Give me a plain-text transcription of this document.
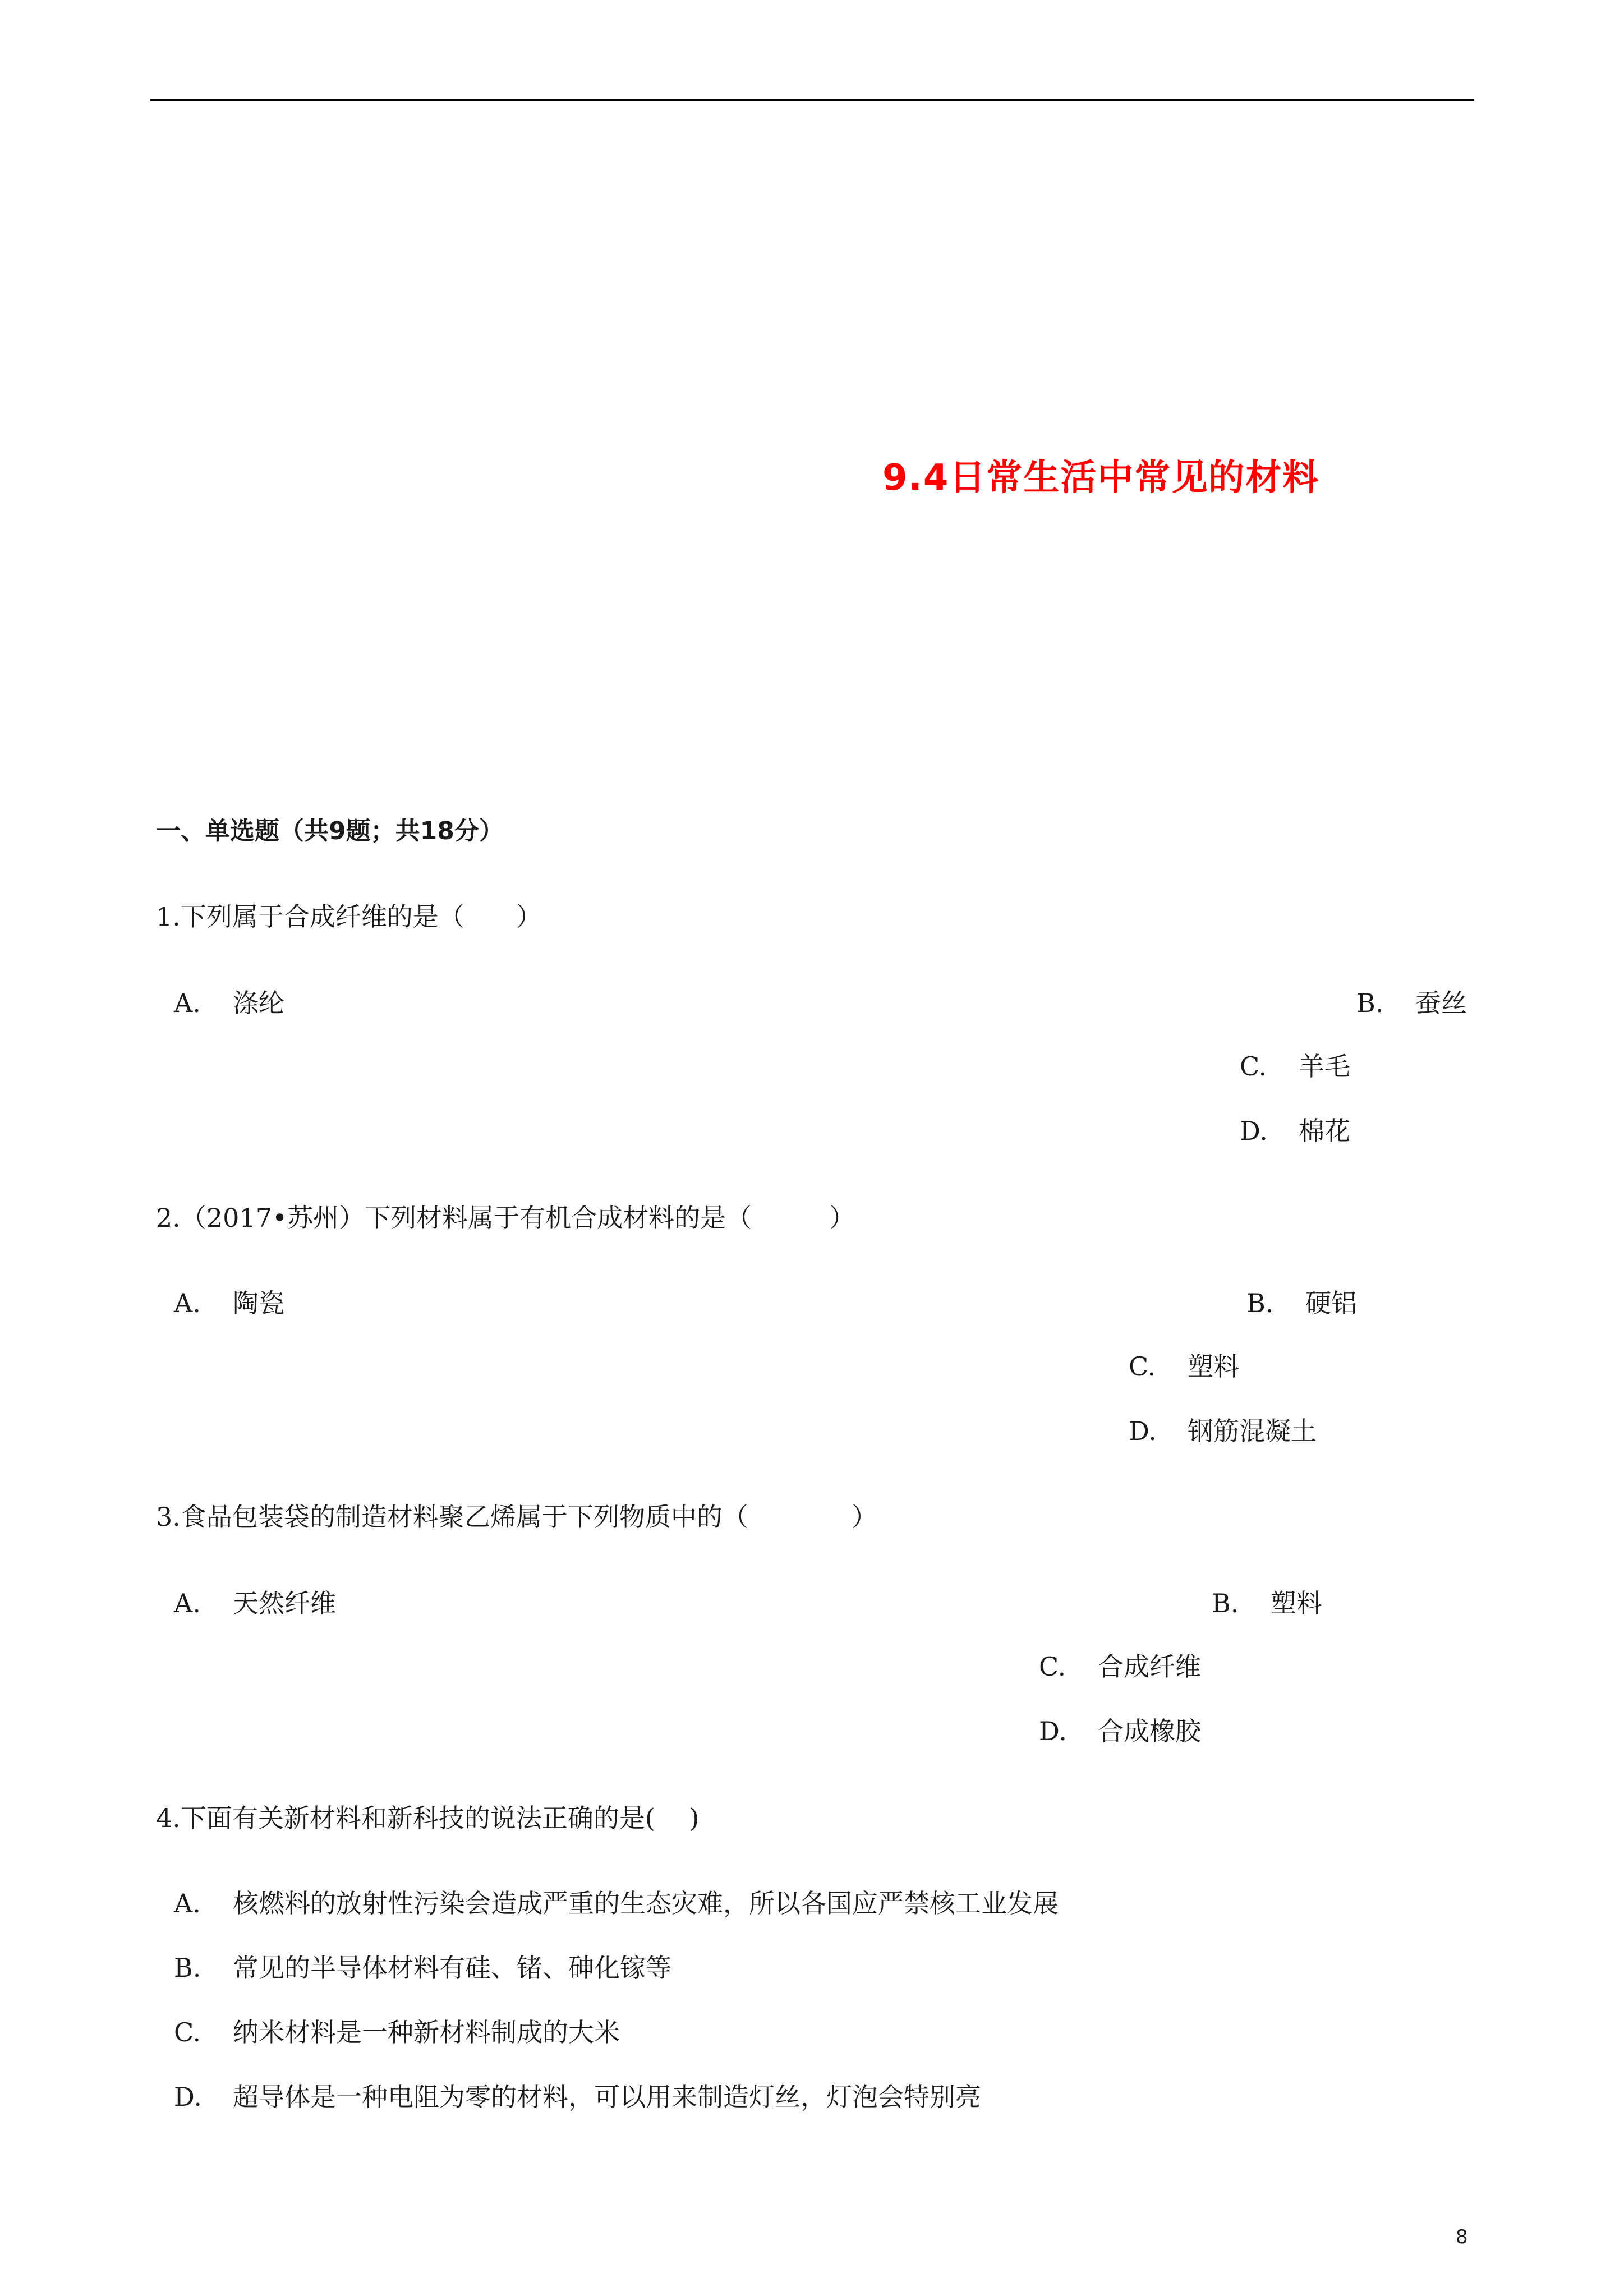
9.4日常生活中常见的材料
一、单选题（共9题；共18分）
1.下列属于合成纤维的是（　　）
A. 涤纶	B. 蚕丝
C. 羊毛
D. 棉花
2.（2017•苏州）下列材料属于有机合成材料的是（　　　）
A. 陶瓷	B. 硬铝
C. 塑料
D. 钢筋混凝土
3.食品包装袋的制造材料聚乙烯属于下列物质中的（　　　　）
A. 天然纤维	B. 塑料
C. 合成纤维
D. 合成橡胶
4.下面有关新材料和新科技的说法正确的是(　 )
A. 核燃料的放射性污染会造成严重的生态灾难，所以各国应严禁核工业发展
B. 常见的半导体材料有硅、锗、砷化镓等
C. 纳米材料是一种新材料制成的大米
D. 超导体是一种电阻为零的材料，可以用来制造灯丝，灯泡会特别亮
8
